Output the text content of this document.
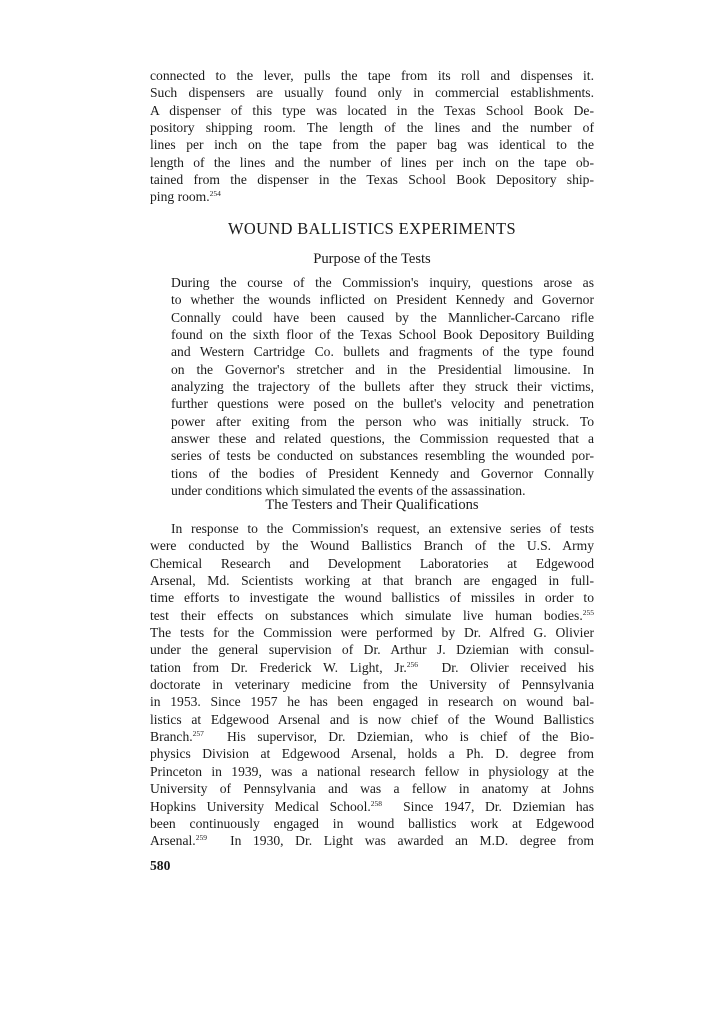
connected to the lever, pulls the tape from its roll and dispenses it.
Such dispensers are usually found only in commercial establishments.
A dispenser of this type was located in the Texas School Book De-
pository shipping room. The length of the lines and the number of
lines per inch on the tape from the paper bag was identical to the
length of the lines and the number of lines per inch on the tape ob-
tained from the dispenser in the Texas School Book Depository ship-
ping room.$^{254}$
WOUND BALLISTICS EXPERIMENTS
Purpose of the Tests
During the course of the Commission's inquiry, questions arose as
to whether the wounds inflicted on President Kennedy and Governor
Connally could have been caused by the Mannlicher-Carcano rifle
found on the sixth floor of the Texas School Book Depository Building
and Western Cartridge Co. bullets and fragments of the type found
on the Governor's stretcher and in the Presidential limousine. In
analyzing the trajectory of the bullets after they struck their victims,
further questions were posed on the bullet's velocity and penetration
power after exiting from the person who was initially struck. To
answer these and related questions, the Commission requested that a
series of tests be conducted on substances resembling the wounded por-
tions of the bodies of President Kennedy and Governor Connally
under conditions which simulated the events of the assassination.
The Testers and Their Qualifications
In response to the Commission's request, an extensive series of tests
were conducted by the Wound Ballistics Branch of the U.S. Army
Chemical Research and Development Laboratories at Edgewood
Arsenal, Md. Scientists working at that branch are engaged in full-
time efforts to investigate the wound ballistics of missiles in order to
test their effects on substances which simulate live human bodies.$^{255}$
The tests for the Commission were performed by Dr. Alfred G. Olivier
under the general supervision of Dr. Arthur J. Dziemian with consul-
tation from Dr. Frederick W. Light, Jr.$^{256}$  Dr. Olivier received his
doctorate in veterinary medicine from the University of Pennsylvania
in 1953. Since 1957 he has been engaged in research on wound bal-
listics at Edgewood Arsenal and is now chief of the Wound Ballistics
Branch.$^{257}$  His supervisor, Dr. Dziemian, who is chief of the Bio-
physics Division at Edgewood Arsenal, holds a Ph. D. degree from
Princeton in 1939, was a national research fellow in physiology at the
University of Pennsylvania and was a fellow in anatomy at Johns
Hopkins University Medical School.$^{258}$  Since 1947, Dr. Dziemian has
been continuously engaged in wound ballistics work at Edgewood
Arsenal.$^{259}$  In 1930, Dr. Light was awarded an M.D. degree from
580
